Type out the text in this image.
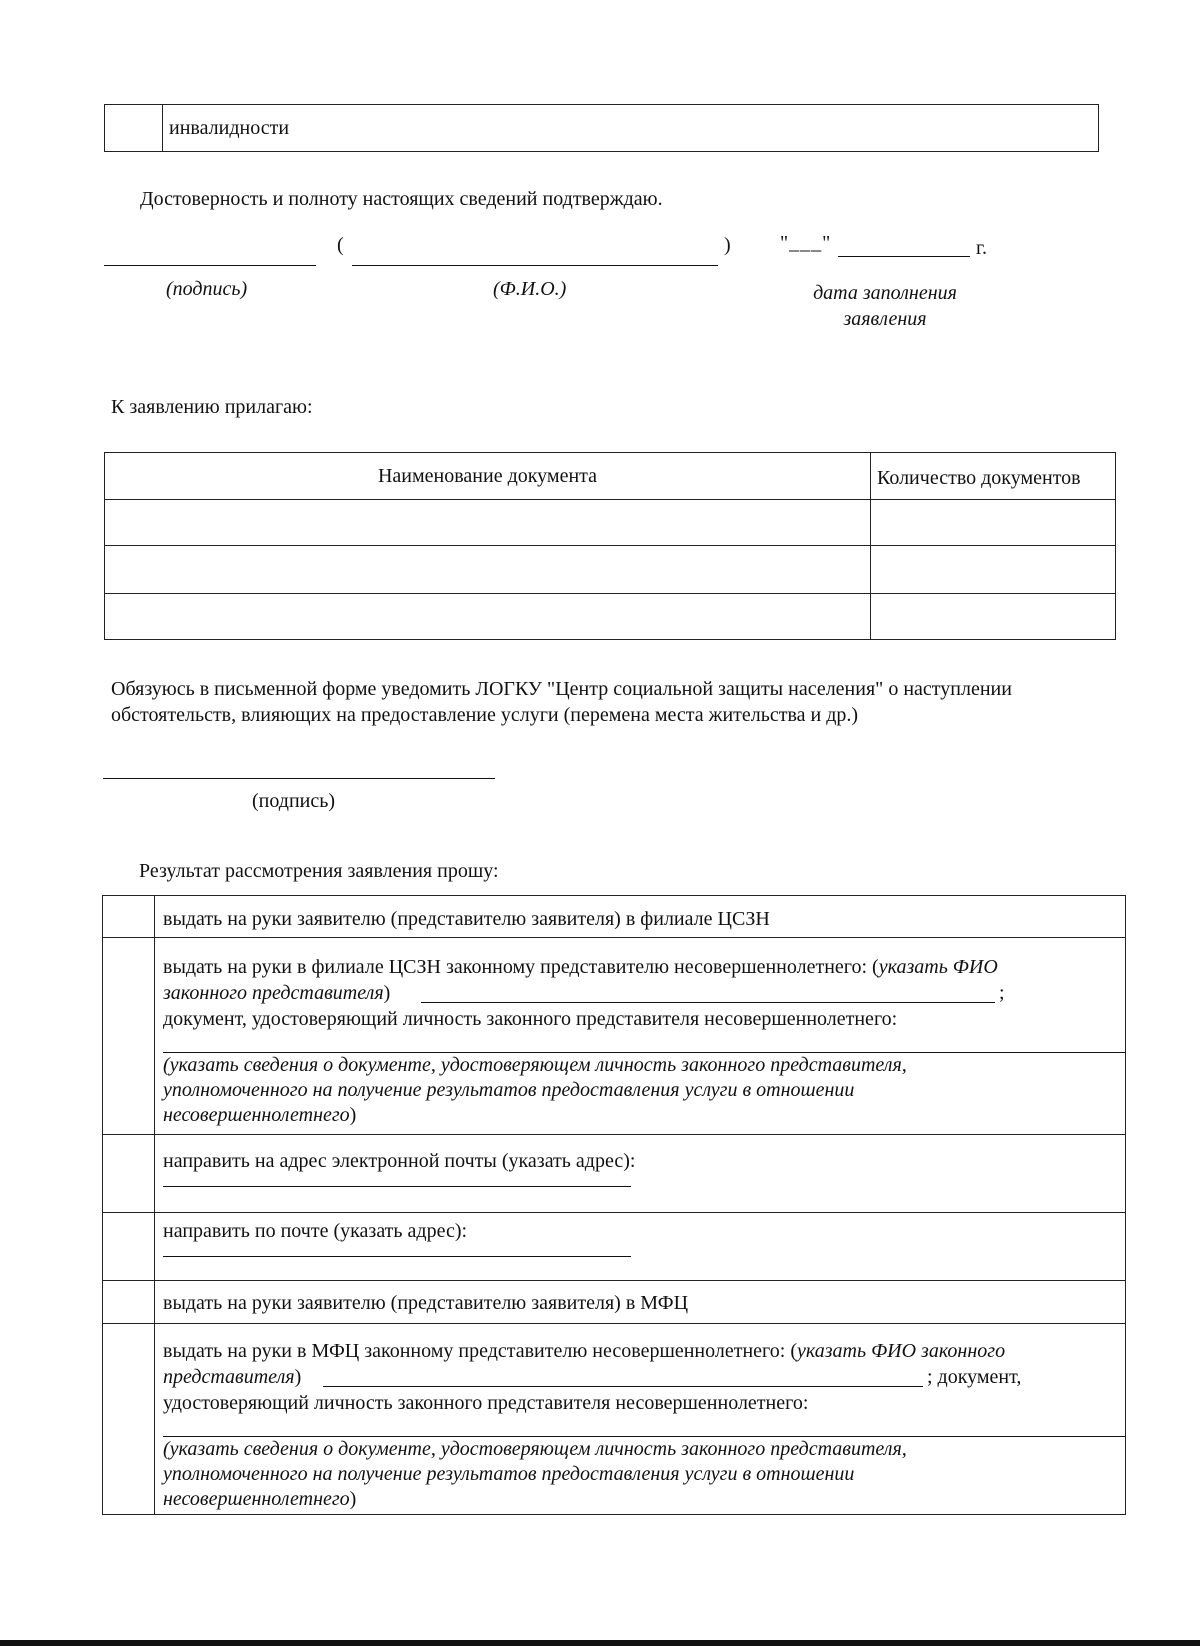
инвалидности
Достоверность и полноту настоящих сведений подтверждаю.
(	) "___"	г.
(подпись)	(Ф.И.О.)	дата заполнения
заявления
К заявлению прилагаю:
Наименование документа	Количество документов
Обязуюсь в письменной форме уведомить ЛОГКУ "Центр социальной защиты населения" о наступлении
обстоятельств, влияющих на предоставление услуги (перемена места жительства и др.)
(подпись)
Результат рассмотрения заявления прошу:
выдать на руки заявителю (представителю заявителя) в филиале ЦСЗН
выдать на руки в филиале ЦСЗН законному представителю несовершеннолетнего: (указать ФИО
законного представителя)	;
документ, удостоверяющий личность законного представителя несовершеннолетнего:
(указать сведения о документе, удостоверяющем личность законного представителя,
уполномоченного на получение результатов предоставления услуги в отношении
несовершеннолетнего)
направить на адрес электронной почты (указать адрес):
направить по почте (указать адрес):
выдать на руки заявителю (представителю заявителя) в МФЦ
выдать на руки в МФЦ законному представителю несовершеннолетнего: (указать ФИО законного
представителя)	; документ,
удостоверяющий личность законного представителя несовершеннолетнего:
(указать сведения о документе, удостоверяющем личность законного представителя,
уполномоченного на получение результатов предоставления услуги в отношении
несовершеннолетнего)
